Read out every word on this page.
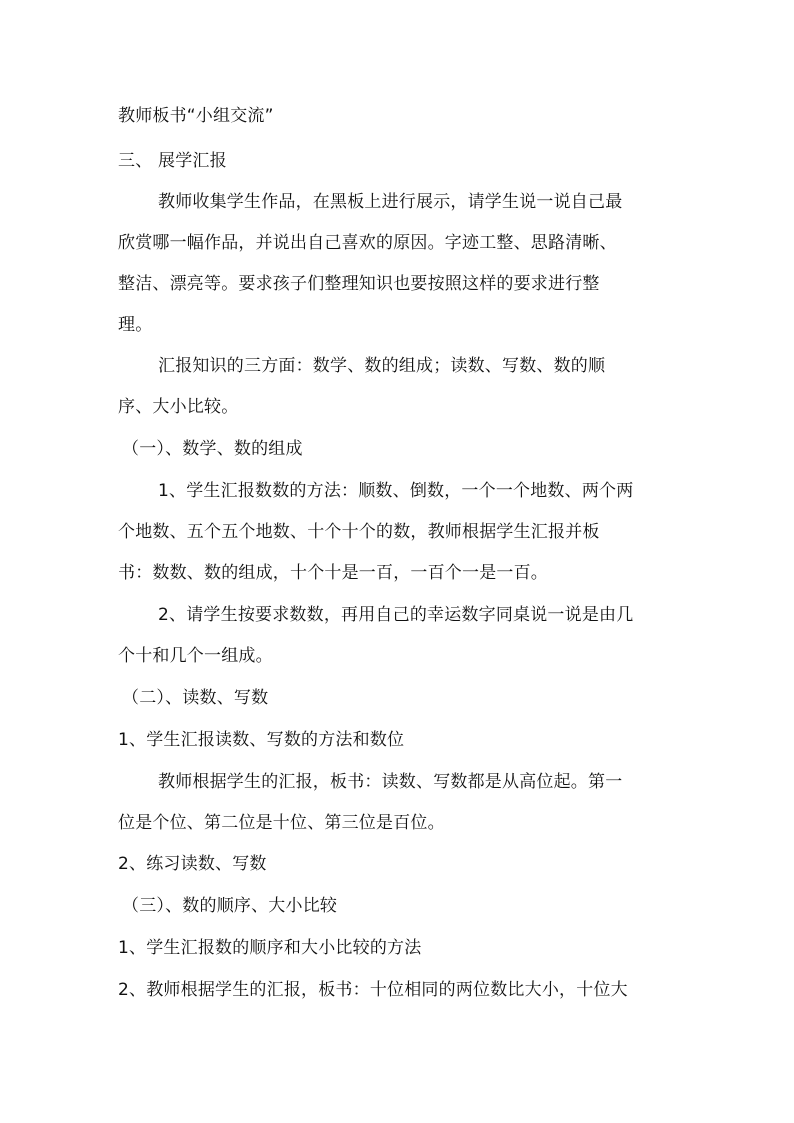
教师板书“小组交流”
三、 展学汇报
教师收集学生作品，在黑板上进行展示，请学生说一说自己最
欣赏哪一幅作品，并说出自己喜欢的原因。字迹工整、思路清晰、
整洁、漂亮等。要求孩子们整理知识也要按照这样的要求进行整
理。
汇报知识的三方面：数学、数的组成；读数、写数、数的顺
序、大小比较。
（一）、数学、数的组成
1、学生汇报数数的方法：顺数、倒数，一个一个地数、两个两
个地数、五个五个地数、十个十个的数，教师根据学生汇报并板
书：数数、数的组成，十个十是一百，一百个一是一百。
2、请学生按要求数数，再用自己的幸运数字同桌说一说是由几
个十和几个一组成。
（二）、读数、写数
1、学生汇报读数、写数的方法和数位
教师根据学生的汇报，板书：读数、写数都是从高位起。第一
位是个位、第二位是十位、第三位是百位。
2、练习读数、写数
（三）、数的顺序、大小比较
1、学生汇报数的顺序和大小比较的方法
2、教师根据学生的汇报，板书：十位相同的两位数比大小，十位大
